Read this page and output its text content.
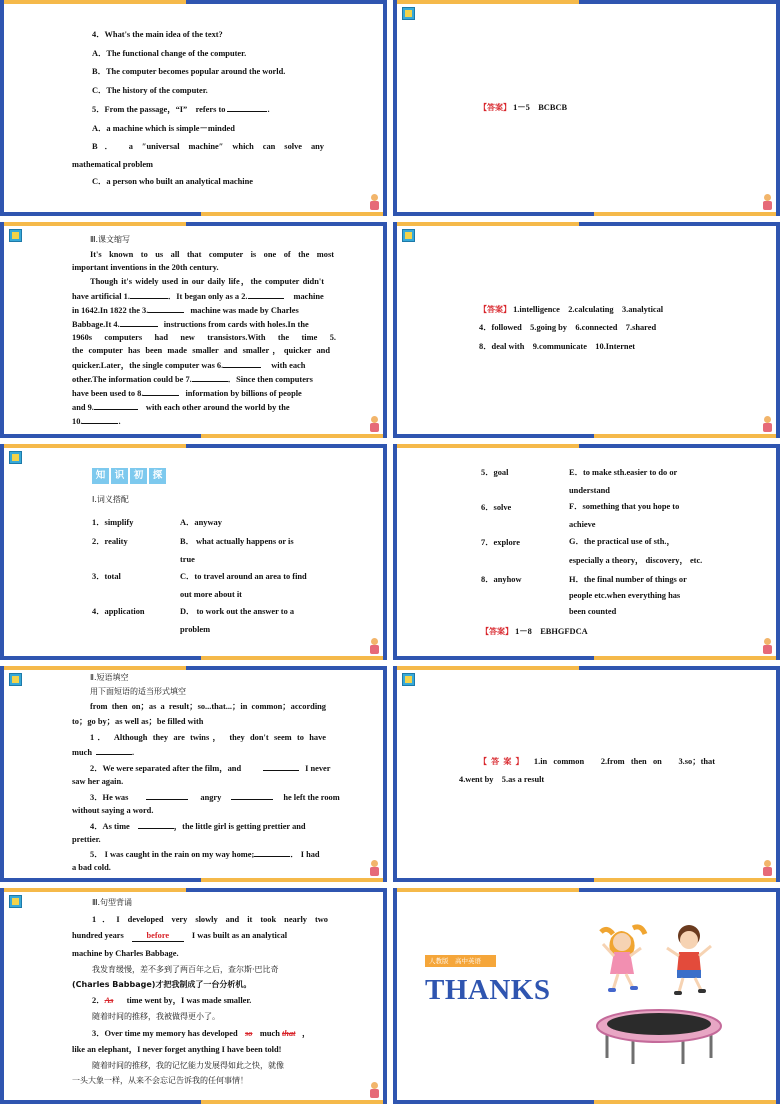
4．What's the main idea of the text?
A．The functional change of the computer.
B．The computer becomes popular around the world.
C．The history of the computer.
5．From the passage，“I”　refers to	.
A．a machine which is simple－minded
B． a ″universal machine″ which can solve any
mathematical problem
C．a person who built an analytical machine
【答案】 1－5　BCBCB
Ⅲ.课文缩写
It's known to us all that computer is one of the most
important inventions in the 20th century.
Though it's widely used in our daily life，the computer didn't
have artificial 1.	．It began only as a 2.	machine
in 1642.In 1822 the 3.	machine was made by Charles
Babbage.It 4.	instructions from cards with holes.In the
1960s computers had new transistors.With the time 5.
the computer has been made smaller and smaller，quicker and
quicker.Later，the single computer was 6.	with each
other.The information could be 7.	．Since then computers
have been used to 8.	information by billions of people
and 9.	with each other around the world by the
10.	.
【答案】 1.intelligence　2.calculating　3.analytical
4．followed　5.going by　6.connected　7.shared
8．deal with　9.communicate　10.Internet
知 识 初 探
Ⅰ.词义搭配
1．simplify	A．anyway
2．reality	B． what actually happens or is
true
3．total	C．to travel around an area to find
out more about it
4．application	D． to work out the answer to a
problem
5．goal	E．to make sth.easier to do or
understand
6．solve	F．something that you hope to
achieve
7．explore	G．the practical use of sth.，
especially a theory， discovery， etc.
8．anyhow	H．the final number of things or
people etc.when everything has
been counted
【答案】 1－8　EBHGFDCA
Ⅱ.短语填空
用下面短语的适当形式填空
from then on；as a result；so...that...；in common；according
to；go by；as well as；be filled with
1． Although they are twins， they don't seem to have
much	.
2．We were separated after the film，and	I never
saw her again.
3．He was	angry	he left the room
without saying a word.
4．As time	，the little girl is getting prettier and
prettier.
5． I was caught in the rain on my way home;	． I had
a bad cold.
【答案】 1.in common　2.from then on　3.so；that
4.went by　5.as a result
Ⅲ.句型背诵
1．I developed very slowly and it took nearly two
hundred years	before	I was built as an analytical
machine by Charles Babbage.
我发育缓慢，差不多到了两百年之后，查尔斯·巴比奇
(Charles Babbage)才把我制成了一台分析机。
2．As time went by，I was made smaller.
随着时间的推移，我被做得更小了。
3．Over time my memory has developed so much that ，
like an elephant，I never forget anything I have been told!
随着时间的推移，我的记忆能力发展得如此之快，就像
一头大象一样，从来不会忘记告诉我的任何事情！
人教版　高中英语
THANKS
